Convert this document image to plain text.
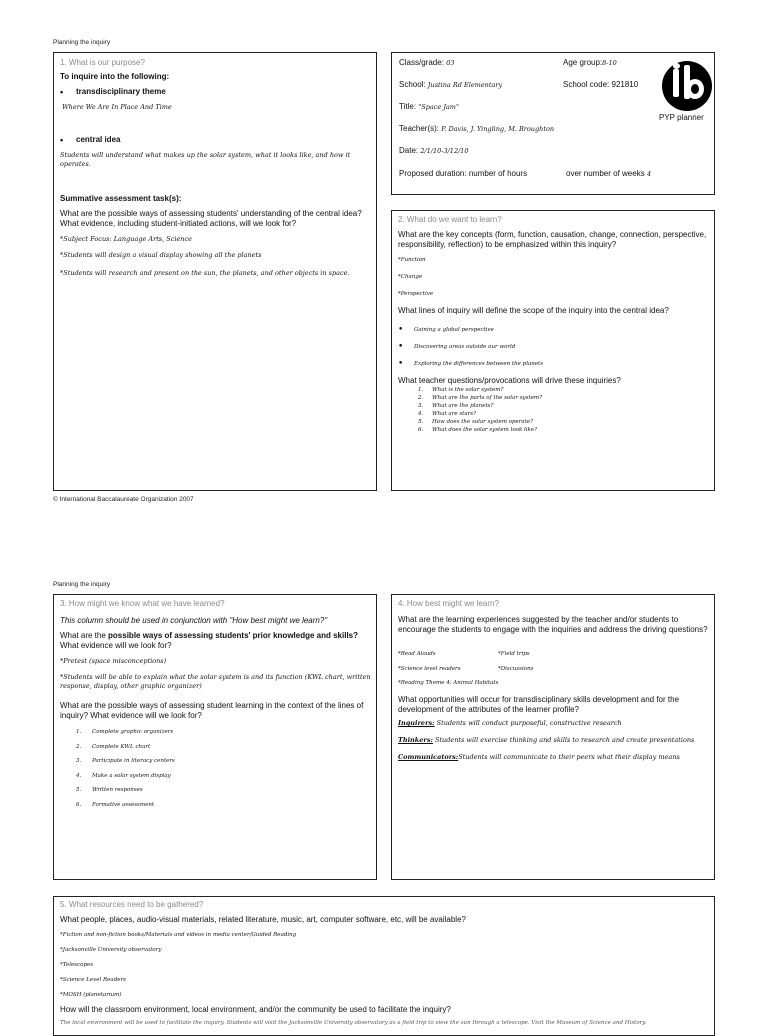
Planning the inquiry
1. What is our purpose?
To inquire into the following:
• transdisciplinary theme
Where We Are In Place And Time
• central idea
Students will understand what makes up the solar system, what it looks like, and how it operates.
Summative assessment task(s):
What are the possible ways of assessing students' understanding of the central idea? What evidence, including student-initiated actions, will we look for?
*Subject Focus: Language Arts, Science
*Students will design a visual display showing all the planets
*Students will research and present on the sun, the planets, and other objects in space.
Class/grade: 03	Age group:8-10
School: Justina Rd Elementary	School code: 921810
Title: "Space Jam"
Teacher(s): P. Davis, J. Yingling, M. Broughton
Date: 2/1/10-3/12/10
Proposed duration: number of hours	over number of weeks 4
PYP planner
2. What do we want to learn?
What are the key concepts (form, function, causation, change, connection, perspective, responsibility, reflection) to be emphasized within this inquiry?
*Function
*Change
*Perspective
What lines of inquiry will define the scope of the inquiry into the central idea?
• Gaining a global perspective
• Discovering areas outside our world
• Exploring the differences between the planets
What teacher questions/provocations will drive these inquiries?
1. What is the solar system?
2. What are the parts of the solar system?
3. What are the planets?
4. What are stars?
5. How does the solar system operate?
6. What does the solar system look like?
© International Baccalaureate Organization 2007
Planning the inquiry
3. How might we know what we have learned?
This column should be used in conjunction with "How best might we learn?"
What are the possible ways of assessing students' prior knowledge and skills? What evidence will we look for?
*Pretest (space misconceptions)
*Students will be able to explain what the solar system is and its function (KWL chart, written response, display, other graphic organizer)
What are the possible ways of assessing student learning in the context of the lines of inquiry? What evidence will we look for?
1. Complete graphic organizers
2. Complete KWL chart
3. Participate in literacy centers
4. Make a solar system display
5. Written responses
6. Formative assessment
4. How best might we learn?
What are the learning experiences suggested by the teacher and/or students to encourage the students to engage with the inquiries and address the driving questions?
*Read Alouds	*Field trips
*Science level readers	*Discussions
*Reading Theme 4: Animal Habitats
What opportunities will occur for transdisciplinary skills development and for the development of the attributes of the learner profile?
Inquirers: Students will conduct purposeful, constructive research
Thinkers: Students will exercise thinking and skills to research and create presentations
Communicators:Students will communicate to their peers what their display means
5. What resources need to be gathered?
What people, places, audio-visual materials, related literature, music, art, computer software, etc, will be available?
*Fiction and non-fiction books/Materials and videos in media center/Guided Reading
*Jacksonville University observatory
*Telescopes
*Science Level Readers
*MOSH (planetarium)
How will the classroom environment, local environment, and/or the community be used to facilitate the inquiry?
The local environment will be used to facilitate the inquiry. Students will visit the Jacksonville University observatory as a field trip to view the sun through a telescope. Visit the Museum of Science and History.
